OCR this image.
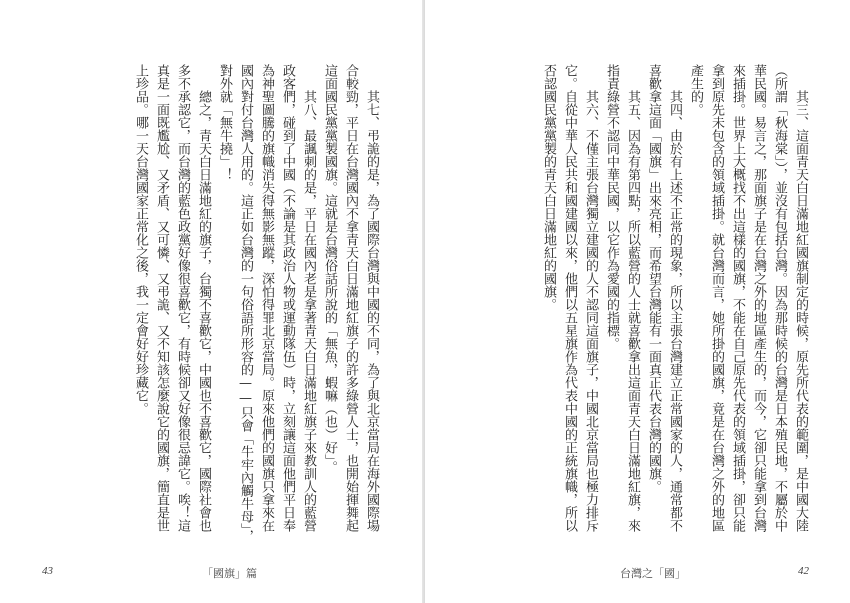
其七、弔詭的是，為了國際台灣與中國的不同，為了與北京當局在海外國際場合較勁，平日在台灣國內不拿青天白日滿地紅旗子的許多綠營人士，也開始揮舞起這面國民黨黨製國旗。這就是台灣俗話所說的「無魚，蝦嘛（也）好」。

其八、最諷刺的是，平日在國內老是拿著青天白日滿地紅旗子來教訓人的藍營政客們，碰到了中國（不論是其政治人物或運動隊伍）時，立刻讓這面他們平日奉為神聖圖騰的旗幟消失得無影無蹤，深怕得罪北京當局。原來他們的國旗只拿來在國內對付台灣人用的。這正如台灣的一句俗語所形容的——只會「牛牢內觸牛母」，對外就「無牛撓」！

總之，青天白日滿地紅的旗子，台獨不喜歡它，中國也不喜歡它，國際社會也多不承認它，而台灣的藍色政黨好像很喜歡它，有時候卻又好像很忌諱它。唉！這真是一面既尷尬、又矛盾、又可憐、又弔詭、又不知該怎麼說它的國旗，簡直是世上珍品。哪一天台灣國家正常化之後，我一定會好好珍藏它。

43	「國旗」篇

其三、這面青天白日滿地紅國旗制定的時候，原先所代表的範圍，是中國大陸（所謂「秋海棠」），並沒有包括台灣。因為那時候的台灣是日本殖民地，不屬於中華民國。易言之，那面旗子是在台灣之外的地區產生的，而今，它卻只能拿到台灣來插掛。世界上大概找不出這樣的國旗，不能在自己原先代表的領域插掛，卻只能拿到原先未包含的領域插掛。就台灣而言，她所掛的國旗，竟是在台灣之外的地區產生的。

其四、由於有上述不正常的現象，所以主張台灣建立正常國家的人，通常都不喜歡拿這面「國旗」出來亮相，而希望台灣能有一面真正代表台灣的國旗。

其五、因為有第四點，所以藍營的人士就喜歡拿出這面青天白日滿地紅旗，來指責綠營不認同中華民國，以它作為愛國的指標。

其六、不僅主張台灣獨立建國的人不認同這面旗子，中國北京當局也極力排斥它。自從中華人民共和國建國以來，他們以五星旗作為代表中國的正統旗幟，所以否認國民黨黨製的青天白日滿地紅的國旗。

台灣之「國」	42
